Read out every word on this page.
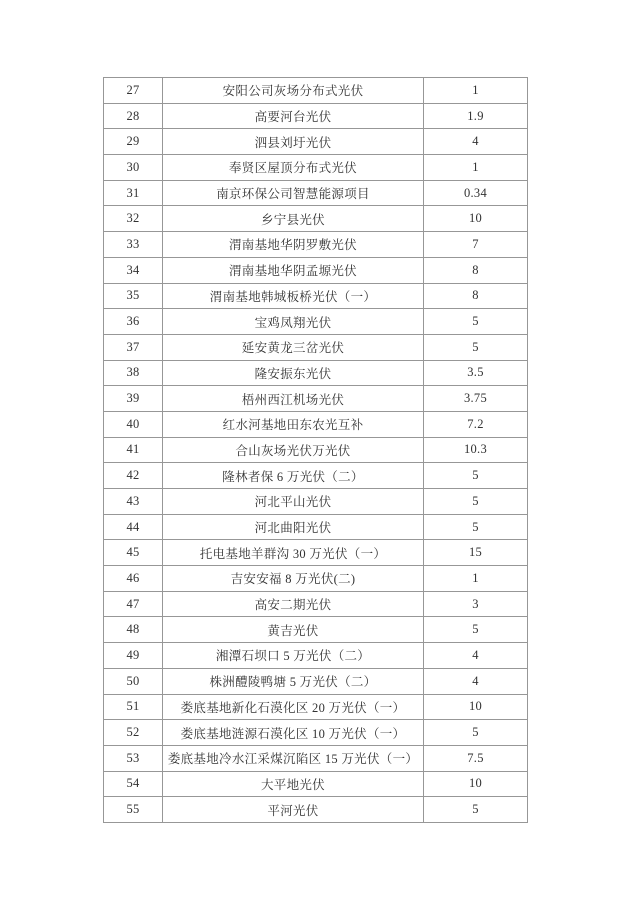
27	安阳公司灰场分布式光伏	1
28	高要河台光伏	1.9
29	泗县刘圩光伏	4
30	奉贤区屋顶分布式光伏	1
31	南京环保公司智慧能源项目	0.34
32	乡宁县光伏	10
33	渭南基地华阴罗敷光伏	7
34	渭南基地华阴孟塬光伏	8
35	渭南基地韩城板桥光伏（一）	8
36	宝鸡凤翔光伏	5
37	延安黄龙三岔光伏	5
38	隆安振东光伏	3.5
39	梧州西江机场光伏	3.75
40	红水河基地田东农光互补	7.2
41	合山灰场光伏万光伏	10.3
42	隆林者保 6 万光伏（二）	5
43	河北平山光伏	5
44	河北曲阳光伏	5
45	托电基地羊群沟 30 万光伏（一）	15
46	吉安安福 8 万光伏(二)	1
47	高安二期光伏	3
48	黄吉光伏	5
49	湘潭石坝口 5 万光伏（二）	4
50	株洲醴陵鸭塘 5 万光伏（二）	4
51	娄底基地新化石漠化区 20 万光伏（一）	10
52	娄底基地涟源石漠化区 10 万光伏（一）	5
53	娄底基地冷水江采煤沉陷区 15 万光伏（一）	7.5
54	大平地光伏	10
55	平河光伏	5
